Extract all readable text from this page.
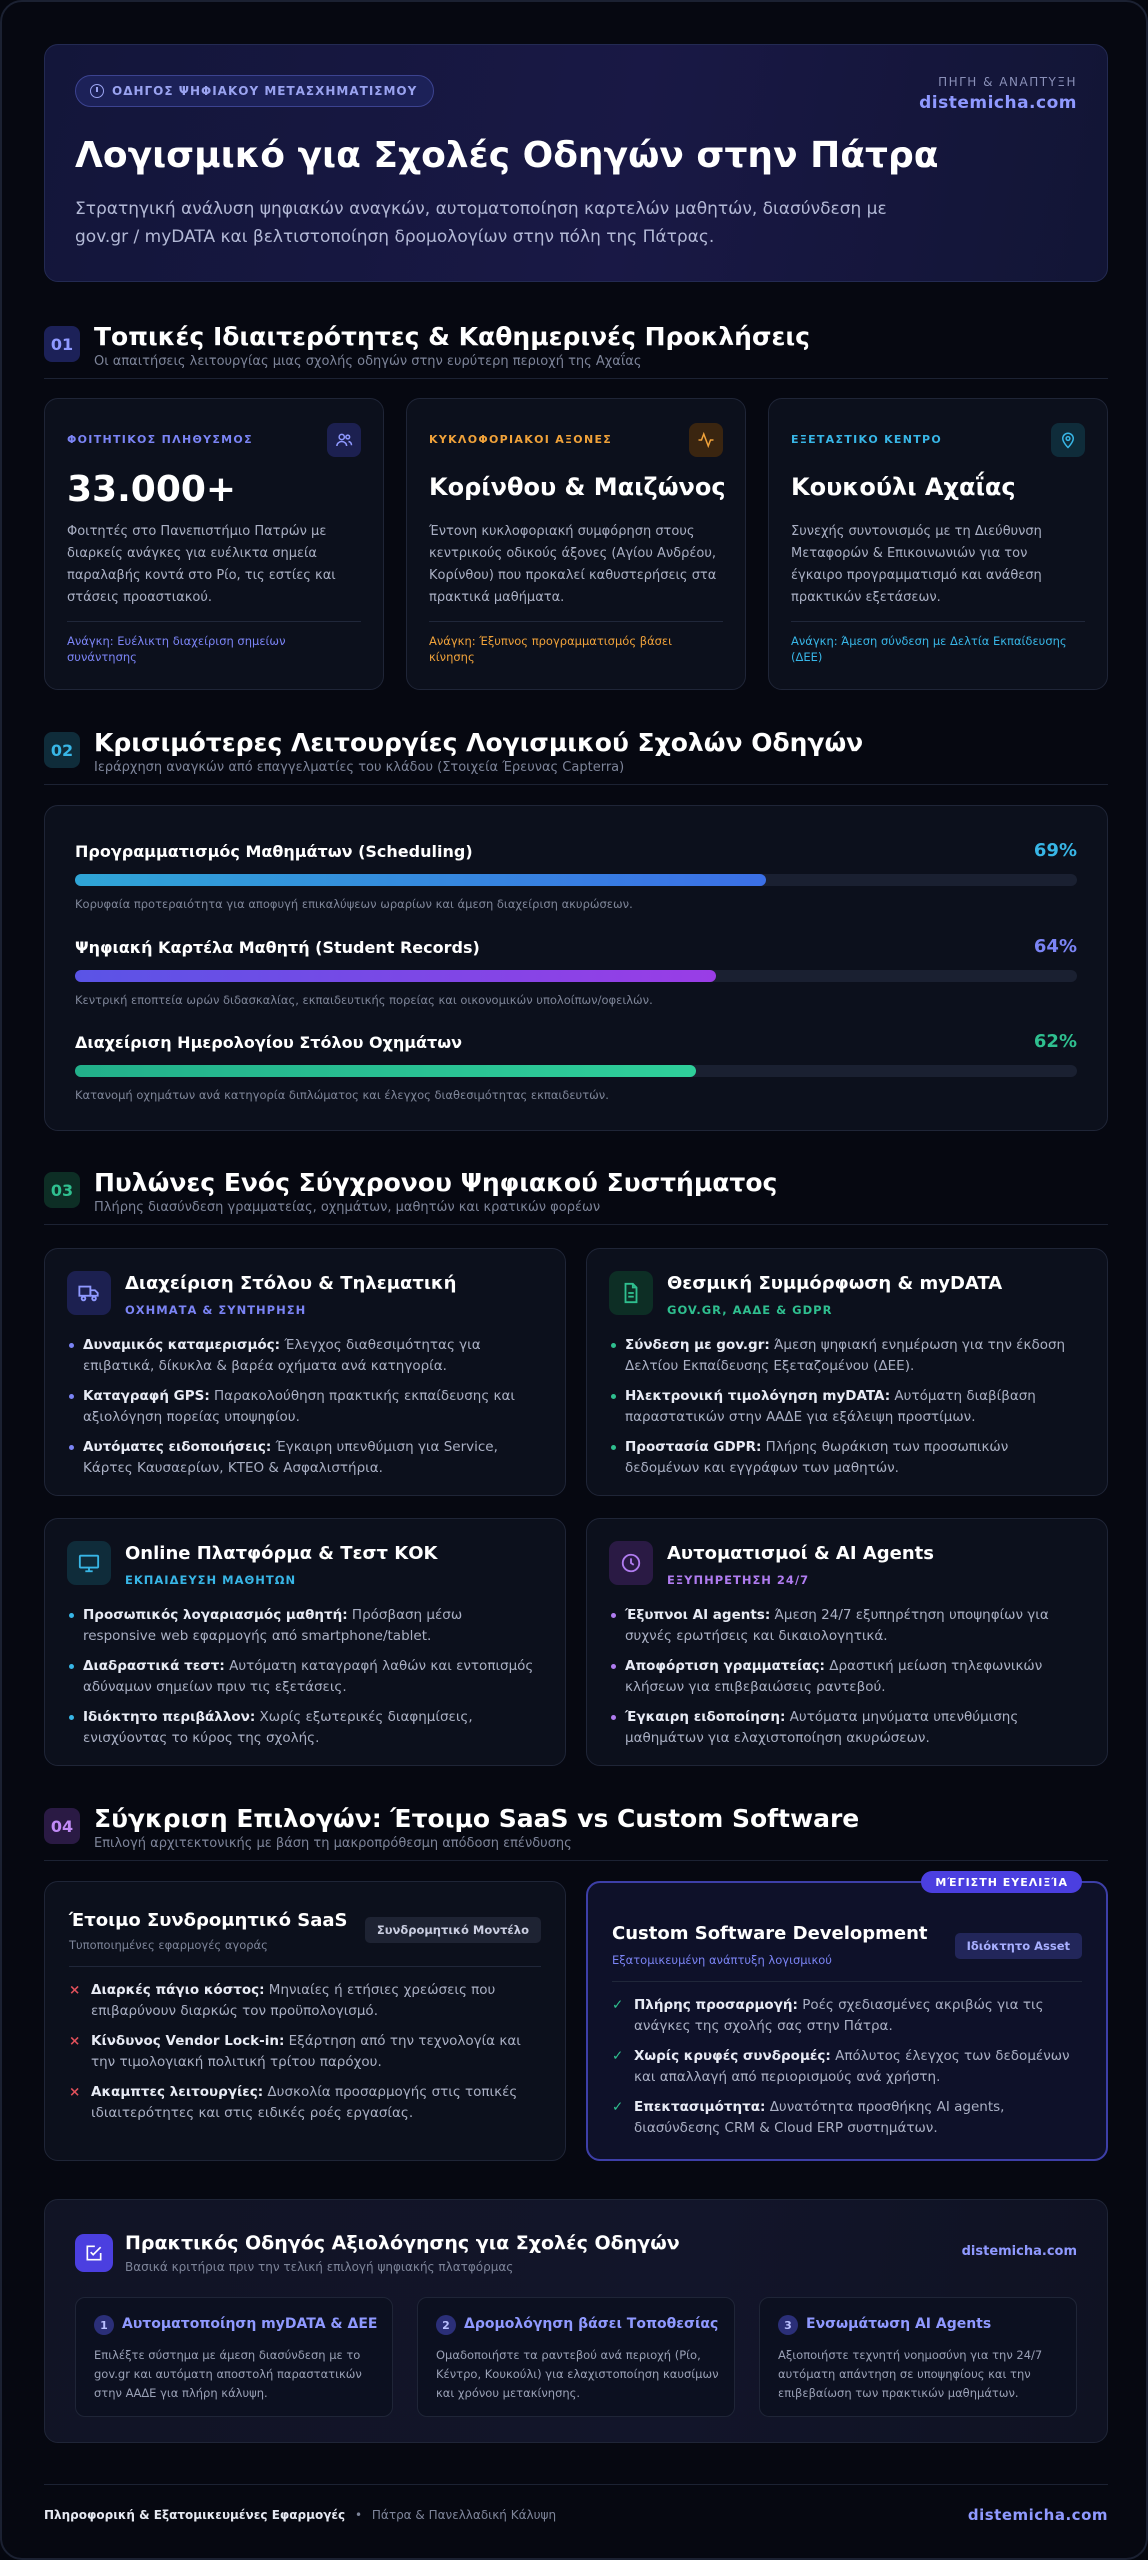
ΟΔΗΓΟΣ ΨΗΦΙΑΚΟΥ ΜΕΤΑΣΧΗΜΑΤΙΣΜΟΥ
ΠΗΓΗ & ΑΝΑΠΤΥΞΗ
distemicha.com
Λογισμικό για Σχολές Οδηγών στην Πάτρα

Στρατηγική ανάλυση ψηφιακών αναγκών, αυτοματοποίηση καρτελών μαθητών, διασύνδεση με gov.gr / myDATA και βελτιστοποίηση δρομολογίων στην πόλη της Πάτρας.

01 Τοπικές Ιδιαιτερότητες & Καθημερινές Προκλήσεις
Οι απαιτήσεις λειτουργίας μιας σχολής οδηγών στην ευρύτερη περιοχή της Αχαΐας
ΦΟΙΤΗΤΙΚΟΣ ΠΛΗΘΥΣΜΟΣ
33.000+
Φοιτητές στο Πανεπιστήμιο Πατρών με διαρκείς ανάγκες για ευέλικτα σημεία παραλαβής κοντά στο Ρίο, τις εστίες και στάσεις προαστιακού.
Ανάγκη: Ευέλικτη διαχείριση σημείων συνάντησης
ΚΥΚΛΟΦΟΡΙΑΚΟΙ ΑΞΟΝΕΣ
Κορίνθου & Μαιζώνος
Έντονη κυκλοφοριακή συμφόρηση στους κεντρικούς οδικούς άξονες (Αγίου Ανδρέου, Κορίνθου) που προκαλεί καθυστερήσεις στα πρακτικά μαθήματα.
Ανάγκη: Έξυπνος προγραμματισμός βάσει κίνησης
ΕΞΕΤΑΣΤΙΚΟ ΚΕΝΤΡΟ
Κουκούλι Αχαΐας
Συνεχής συντονισμός με τη Διεύθυνση Μεταφορών & Επικοινωνιών για τον έγκαιρο προγραμματισμό και ανάθεση πρακτικών εξετάσεων.
Ανάγκη: Άμεση σύνδεση με Δελτία Εκπαίδευσης (ΔΕΕ)
02 Κρισιμότερες Λειτουργίες Λογισμικού Σχολών Οδηγών
Ιεράρχηση αναγκών από επαγγελματίες του κλάδου (Στοιχεία Έρευνας Capterra)
Προγραμματισμός Μαθημάτων (Scheduling)	69%
Κορυφαία προτεραιότητα για αποφυγή επικαλύψεων ωραρίων και άμεση διαχείριση ακυρώσεων.
Ψηφιακή Καρτέλα Μαθητή (Student Records)	64%
Κεντρική εποπτεία ωρών διδασκαλίας, εκπαιδευτικής πορείας και οικονομικών υπολοίπων/οφειλών.
Διαχείριση Ημερολογίου Στόλου Οχημάτων	62%
Κατανομή οχημάτων ανά κατηγορία διπλώματος και έλεγχος διαθεσιμότητας εκπαιδευτών.
03 Πυλώνες Ενός Σύγχρονου Ψηφιακού Συστήματος
Πλήρης διασύνδεση γραμματείας, οχημάτων, μαθητών και κρατικών φορέων
Διαχείριση Στόλου & Τηλεματική
ΟΧΗΜΑΤΑ & ΣΥΝΤΗΡΗΣΗ
Δυναμικός καταμερισμός: Έλεγχος διαθεσιμότητας για επιβατικά, δίκυκλα & βαρέα οχήματα ανά κατηγορία.
Καταγραφή GPS: Παρακολούθηση πρακτικής εκπαίδευσης και αξιολόγηση πορείας υποψηφίου.
Αυτόματες ειδοποιήσεις: Έγκαιρη υπενθύμιση για Service, Κάρτες Καυσαερίων, ΚΤΕΟ & Ασφαλιστήρια.
Θεσμική Συμμόρφωση & myDATA
GOV.GR, ΑΑΔΕ & GDPR
Σύνδεση με gov.gr: Άμεση ψηφιακή ενημέρωση για την έκδοση Δελτίου Εκπαίδευσης Εξεταζομένου (ΔΕΕ).
Ηλεκτρονική τιμολόγηση myDATA: Αυτόματη διαβίβαση παραστατικών στην ΑΑΔΕ για εξάλειψη προστίμων.
Προστασία GDPR: Πλήρης θωράκιση των προσωπικών δεδομένων και εγγράφων των μαθητών.
Online Πλατφόρμα & Τεστ ΚΟΚ
ΕΚΠΑΙΔΕΥΣΗ ΜΑΘΗΤΩΝ
Προσωπικός λογαριασμός μαθητή: Πρόσβαση μέσω responsive web εφαρμογής από smartphone/tablet.
Διαδραστικά τεστ: Αυτόματη καταγραφή λαθών και εντοπισμός αδύναμων σημείων πριν τις εξετάσεις.
Ιδιόκτητο περιβάλλον: Χωρίς εξωτερικές διαφημίσεις, ενισχύοντας το κύρος της σχολής.
Αυτοματισμοί & AI Agents
ΕΞΥΠΗΡΕΤΗΣΗ 24/7
Έξυπνοι AI agents: Άμεση 24/7 εξυπηρέτηση υποψηφίων για συχνές ερωτήσεις και δικαιολογητικά.
Αποφόρτιση γραμματείας: Δραστική μείωση τηλεφωνικών κλήσεων για επιβεβαιώσεις ραντεβού.
Έγκαιρη ειδοποίηση: Αυτόματα μηνύματα υπενθύμισης μαθημάτων για ελαχιστοποίηση ακυρώσεων.
04 Σύγκριση Επιλογών: Έτοιμο SaaS vs Custom Software
Επιλογή αρχιτεκτονικής με βάση τη μακροπρόθεσμη απόδοση επένδυσης
Έτοιμο Συνδρομητικό SaaS
Τυποποιημένες εφαρμογές αγοράς
Συνδρομητικό Μοντέλο
× Διαρκές πάγιο κόστος: Μηνιαίες ή ετήσιες χρεώσεις που επιβαρύνουν διαρκώς τον προϋπολογισμό.
× Κίνδυνος Vendor Lock-in: Εξάρτηση από την τεχνολογία και την τιμολογιακή πολιτική τρίτου παρόχου.
× Ακαμπτες λειτουργίες: Δυσκολία προσαρμογής στις τοπικές ιδιαιτερότητες και στις ειδικές ροές εργασίας.
ΜΈΓΙΣΤΗ ΕΥΕΛΙΞΊΑ
Custom Software Development
Εξατομικευμένη ανάπτυξη λογισμικού
Ιδιόκτητο Asset
✓ Πλήρης προσαρμογή: Ροές σχεδιασμένες ακριβώς για τις ανάγκες της σχολής σας στην Πάτρα.
✓ Χωρίς κρυφές συνδρομές: Απόλυτος έλεγχος των δεδομένων και απαλλαγή από περιορισμούς ανά χρήστη.
✓ Επεκτασιμότητα: Δυνατότητα προσθήκης AI agents, διασύνδεσης CRM & Cloud ERP συστημάτων.
Πρακτικός Οδηγός Αξιολόγησης για Σχολές Οδηγών
Βασικά κριτήρια πριν την τελική επιλογή ψηφιακής πλατφόρμας
distemicha.com
1	Αυτοματοποίηση myDATA & ΔΕΕ
Επιλέξτε σύστημα με άμεση διασύνδεση με το gov.gr και αυτόματη αποστολή παραστατικών στην ΑΑΔΕ για πλήρη κάλυψη.
2	Δρομολόγηση βάσει Τοποθεσίας
Ομαδοποιήστε τα ραντεβού ανά περιοχή (Ρίο, Κέντρο, Κουκούλι) για ελαχιστοποίηση καυσίμων και χρόνου μετακίνησης.
3	Ενσωμάτωση AI Agents
Αξιοποιήστε τεχνητή νοημοσύνη για την 24/7 αυτόματη απάντηση σε υποψηφίους και την επιβεβαίωση των πρακτικών μαθημάτων.
Πληροφορική & Εξατομικευμένες Εφαρμογές • Πάτρα & Πανελλαδική Κάλυψη	distemicha.com
